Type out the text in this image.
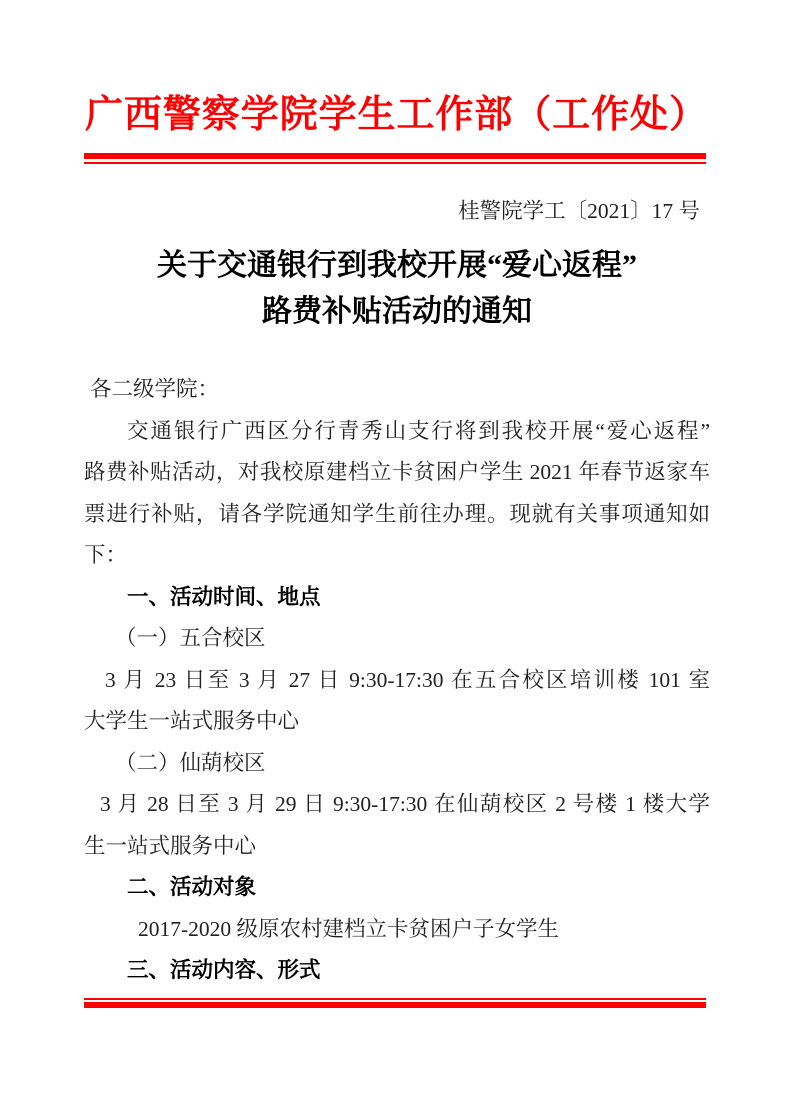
广西警察学院学生工作部（工作处）
桂警院学工〔2021〕17 号
关于交通银行到我校开展“爱心返程”
路费补贴活动的通知
各二级学院：
交通银行广西区分行青秀山支行将到我校开展“爱心返程”
路费补贴活动，对我校原建档立卡贫困户学生 2021 年春节返家车
票进行补贴，请各学院通知学生前往办理。现就有关事项通知如
下：
一、活动时间、地点
（一）五合校区
3 月 23 日至 3 月 27 日 9:30-17:30 在五合校区培训楼 101 室
大学生一站式服务中心
（二）仙葫校区
3 月 28 日至 3 月 29 日 9:30-17:30 在仙葫校区 2 号楼 1 楼大学
生一站式服务中心
二、活动对象
2017-2020 级原农村建档立卡贫困户子女学生
三、活动内容、形式
